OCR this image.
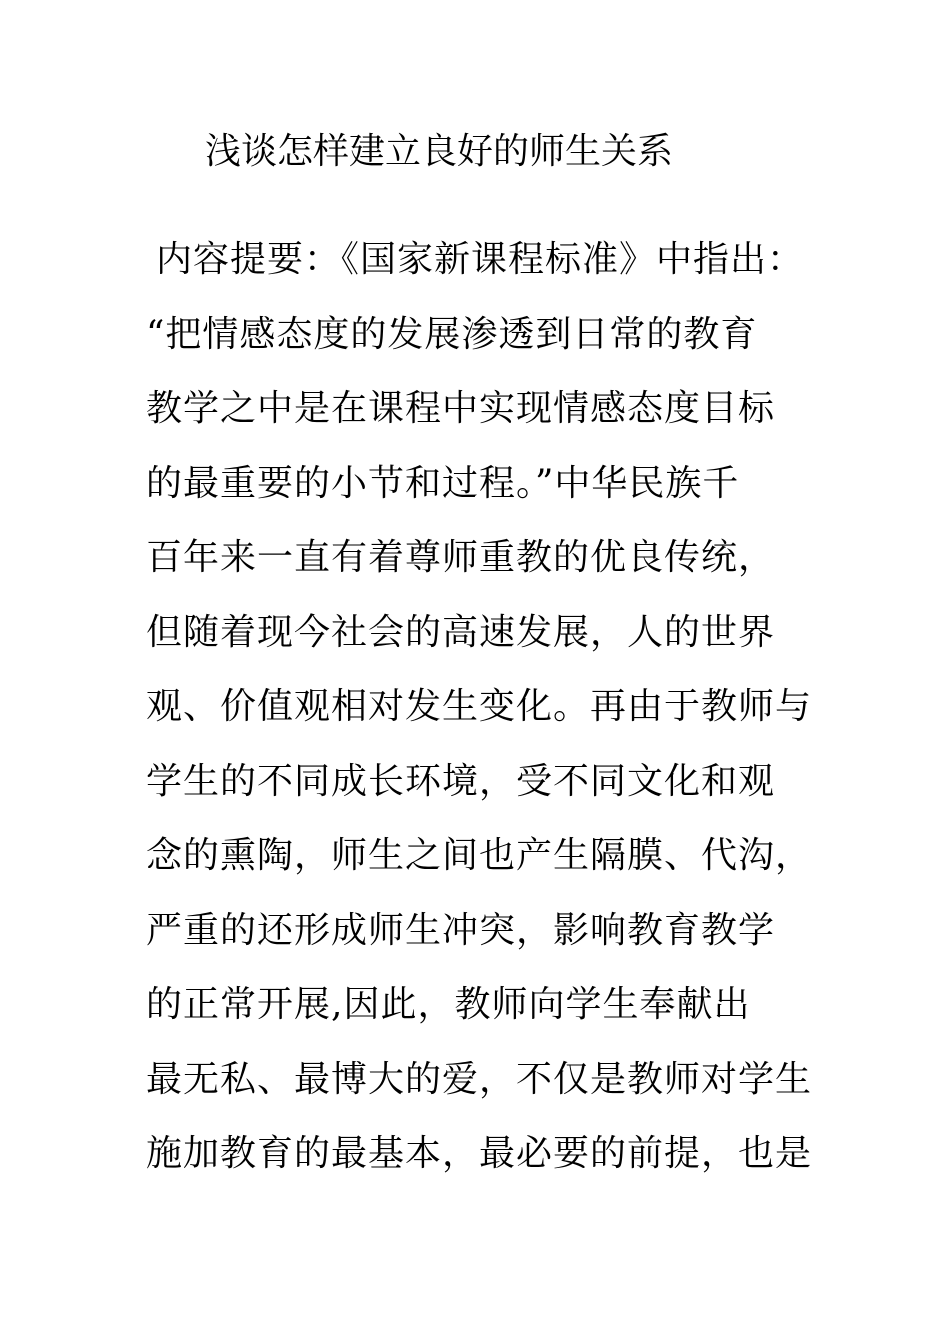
浅谈怎样建立良好的师生关系
内容提要：《国家新课程标准》中指出：
“把情感态度的发展渗透到日常的教育
教学之中是在课程中实现情感态度目标
的最重要的小节和过程。”中华民族千
百年来一直有着尊师重教的优良传统，
但随着现今社会的高速发展，人的世界
观、价值观相对发生变化。再由于教师与
学生的不同成长环境，受不同文化和观
念的熏陶，师生之间也产生隔膜、代沟，
严重的还形成师生冲突，影响教育教学
的正常开展,因此，教师向学生奉献出
最无私、最博大的爱，不仅是教师对学生
施加教育的最基本，最必要的前提，也是
